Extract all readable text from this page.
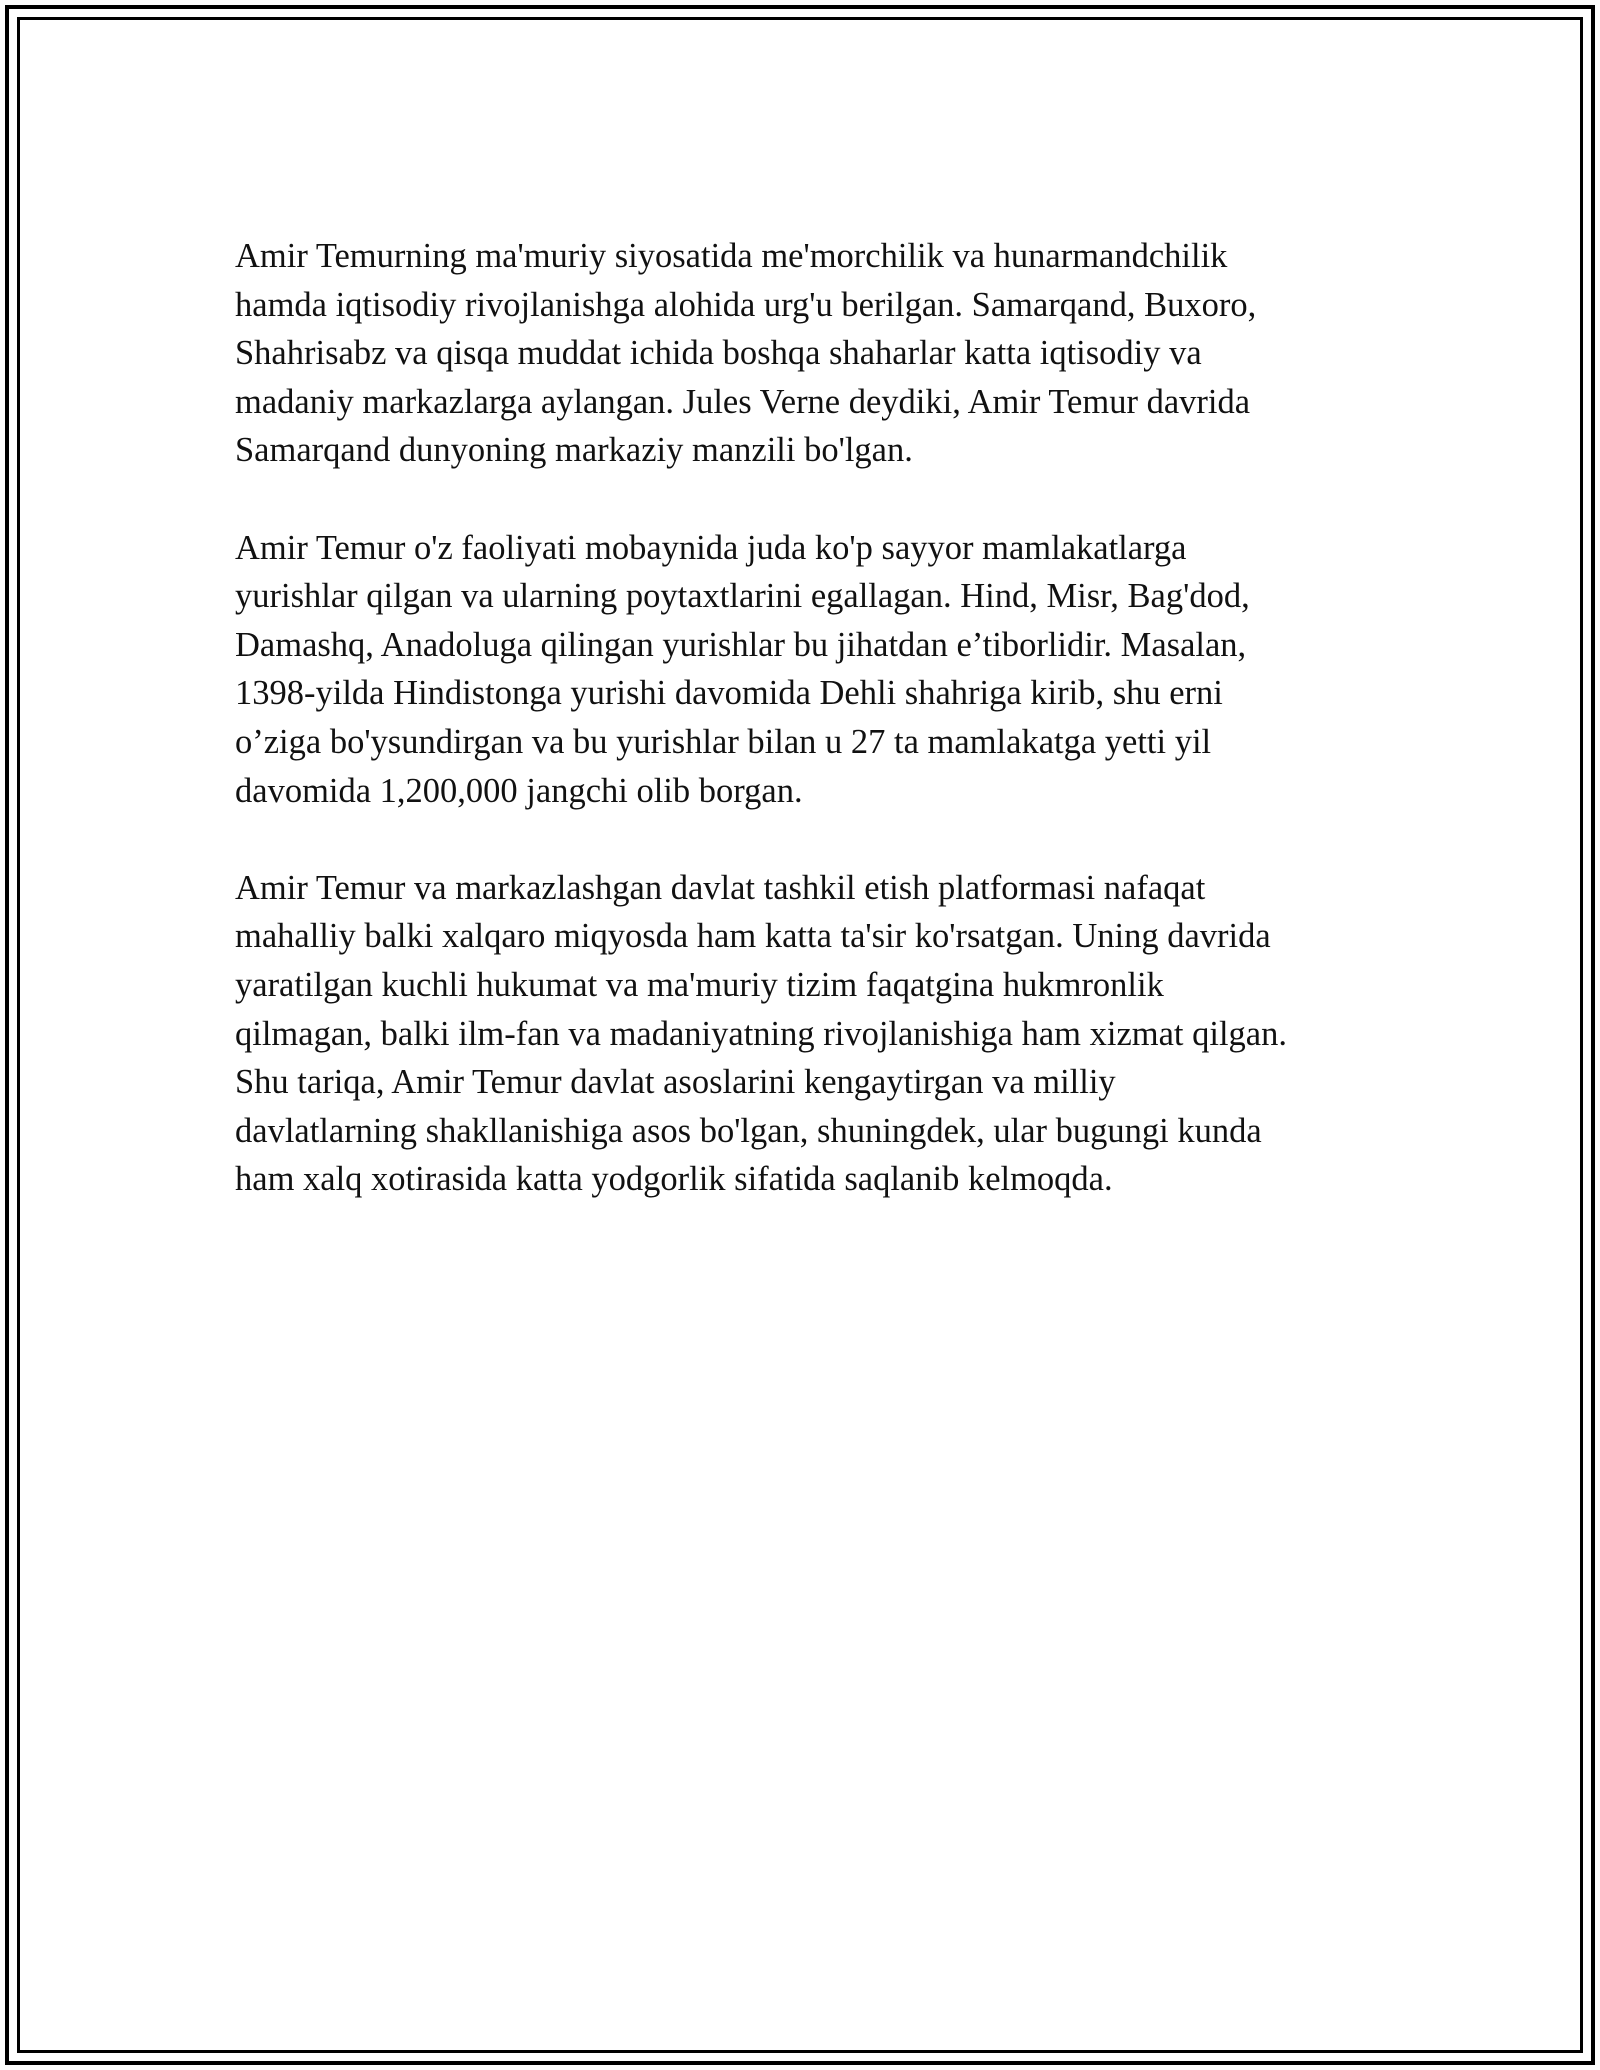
Amir Temurning ma'muriy siyosatida me'morchilik va hunarmandchilik
hamda iqtisodiy rivojlanishga alohida urg'u berilgan. Samarqand, Buxoro,
Shahrisabz va qisqa muddat ichida boshqa shaharlar katta iqtisodiy va
madaniy markazlarga aylangan. Jules Verne deydiki, Amir Temur davrida
Samarqand dunyoning markaziy manzili bo'lgan.

Amir Temur o'z faoliyati mobaynida juda ko'p sayyor mamlakatlarga
yurishlar qilgan va ularning poytaxtlarini egallagan. Hind, Misr, Bag'dod,
Damashq, Anadoluga qilingan yurishlar bu jihatdan e’tiborlidir. Masalan,
1398-yilda Hindistonga yurishi davomida Dehli shahriga kirib, shu erni
o’ziga bo'ysundirgan va bu yurishlar bilan u 27 ta mamlakatga yetti yil
davomida 1,200,000 jangchi olib borgan.

Amir Temur va markazlashgan davlat tashkil etish platformasi nafaqat
mahalliy balki xalqaro miqyosda ham katta ta'sir ko'rsatgan. Uning davrida
yaratilgan kuchli hukumat va ma'muriy tizim faqatgina hukmronlik
qilmagan, balki ilm-fan va madaniyatning rivojlanishiga ham xizmat qilgan.
Shu tariqa, Amir Temur davlat asoslarini kengaytirgan va milliy
davlatlarning shakllanishiga asos bo'lgan, shuningdek, ular bugungi kunda
ham xalq xotirasida katta yodgorlik sifatida saqlanib kelmoqda.
